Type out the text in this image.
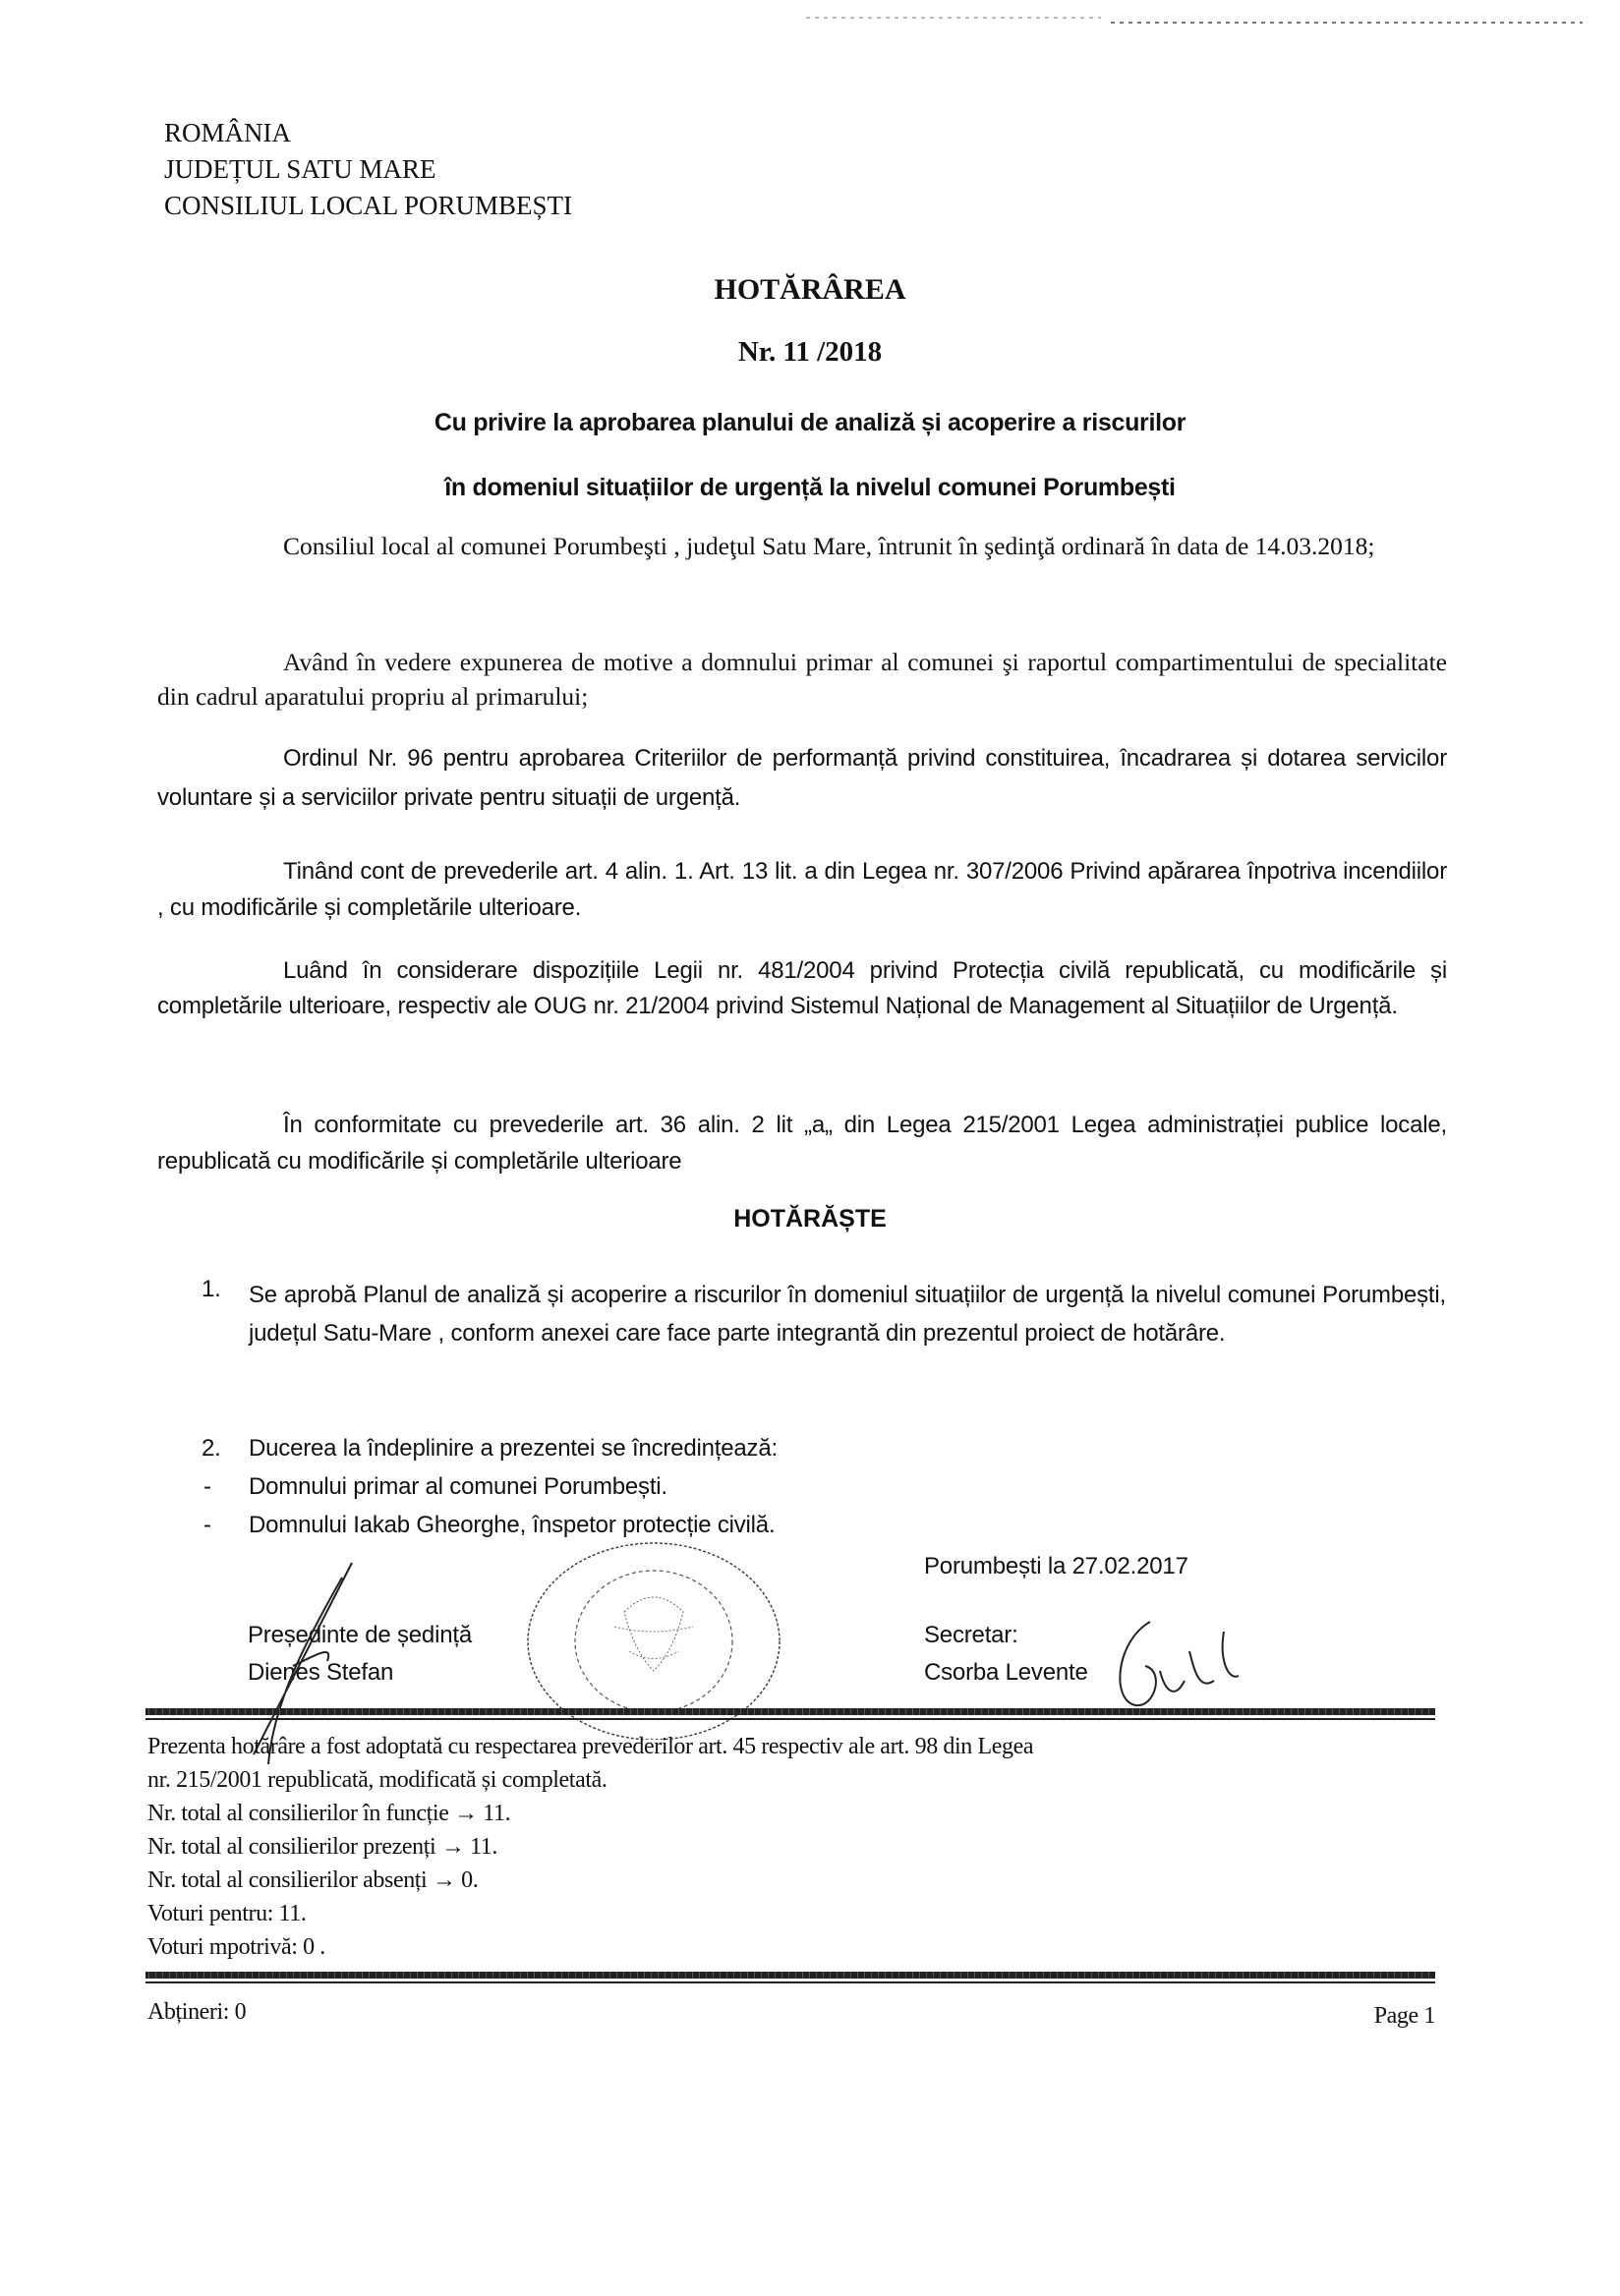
ROMÂNIA
JUDEȚUL SATU MARE
CONSILIUL LOCAL PORUMBEȘTI
HOTĂRÂREA
Nr. 11 /2018
Cu privire la aprobarea planului de analiză și acoperire a riscurilor
în domeniul situațiilor de urgență la nivelul comunei Porumbești
Consiliul local al comunei Porumbeşti , judeţul Satu Mare, întrunit în şedinţă ordinară în data de 14.03.2018;
Având în vedere expunerea de motive a domnului primar al comunei şi raportul compartimentului de specialitate din cadrul aparatului propriu al primarului;
Ordinul Nr. 96 pentru aprobarea Criteriilor de performanță privind constituirea, încadrarea și dotarea servicilor voluntare și a serviciilor private pentru situații de urgență.
Tinând cont de prevederile art. 4 alin. 1. Art. 13 lit. a din Legea nr. 307/2006 Privind apărarea înpotriva incendiilor , cu modificările și completările ulterioare.
Luând în considerare dispozițiile Legii nr. 481/2004 privind Protecția civilă republicată, cu modificările și completările ulterioare, respectiv ale OUG nr. 21/2004 privind Sistemul Național de Management al Situațiilor de Urgență.
În conformitate cu prevederile art. 36 alin. 2 lit „a„ din Legea 215/2001 Legea administrației publice locale, republicată cu modificările și completările ulterioare
HOTĂRĂȘTE
1. Se aprobă Planul de analiză și acoperire a riscurilor în domeniul situațiilor de urgență la nivelul comunei Porumbești, județul Satu-Mare , conform anexei care face parte integrantă din prezentul proiect de hotărâre.
2. Ducerea la îndeplinire a prezentei se încredințează:
- Domnului primar al comunei Porumbești.
- Domnului Iakab Gheorghe, înspetor protecție civilă.
Porumbești la 27.02.2017
Președinte de ședință
Dienes Stefan
Secretar:
Csorba Levente
Prezenta hotărâre a fost adoptată cu respectarea prevederilor art. 45 respectiv ale art. 98 din Legea
nr. 215/2001 republicată, modificată și completată.
Nr. total al consilierilor în funcție → 11.
Nr. total al consilierilor prezenți → 11.
Nr. total al consilierilor absenți → 0.
Voturi pentru: 11.
Voturi mpotrivă: 0 .
Abțineri: 0	Page 1
